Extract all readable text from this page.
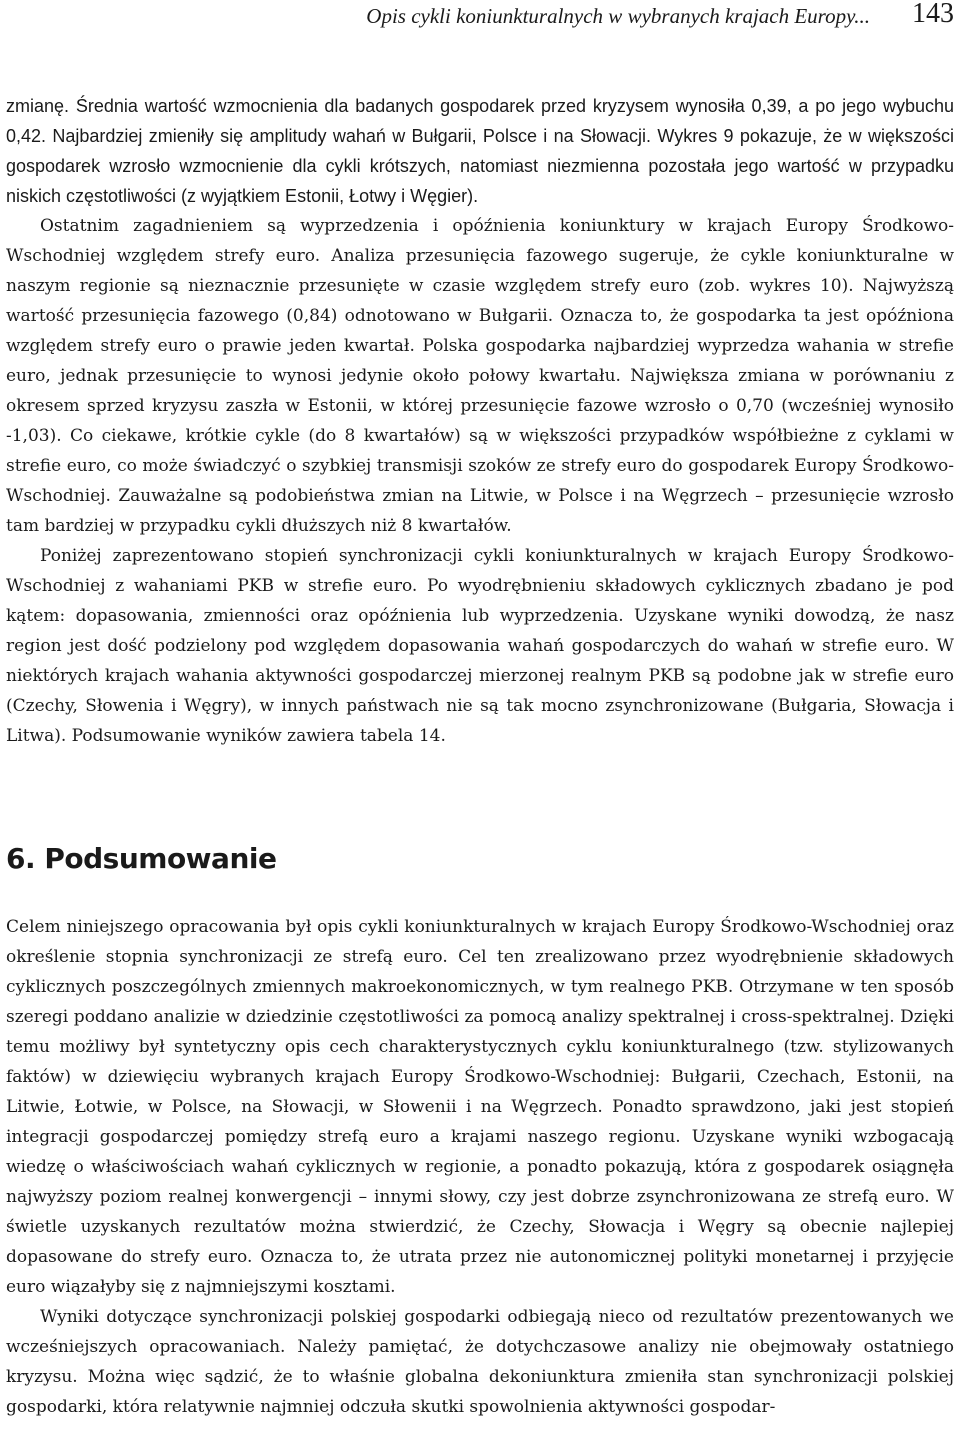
Opis cykli koniunkturalnych w wybranych krajach Europy... 143

zmianę. Średnia wartość wzmocnienia dla badanych gospodarek przed kryzysem wynosiła 0,39, a po jego wybuchu 0,42. Najbardziej zmieniły się amplitudy wahań w Bułgarii, Polsce i na Słowacji. Wykres 9 pokazuje, że w większości gospodarek wzrosło wzmocnienie dla cykli krótszych, natomiast niezmienna pozostała jego wartość w przypadku niskich częstotliwości (z wyjątkiem Estonii, Łotwy i Węgier).

Ostatnim zagadnieniem są wyprzedzenia i opóźnienia koniunktury w krajach Europy Środkowo-Wschodniej względem strefy euro. Analiza przesunięcia fazowego sugeruje, że cykle koniunkturalne w naszym regionie są nieznacznie przesunięte w czasie względem strefy euro (zob. wykres 10). Najwyższą wartość przesunięcia fazowego (0,84) odnotowano w Bułgarii. Oznacza to, że gospodarka ta jest opóźniona względem strefy euro o prawie jeden kwartał. Polska gospodarka najbardziej wyprzedza wahania w strefie euro, jednak przesunięcie to wynosi jedynie około połowy kwartału. Największa zmiana w porównaniu z okresem sprzed kryzysu zaszła w Estonii, w której przesunięcie fazowe wzrosło o 0,70 (wcześniej wynosiło -1,03). Co ciekawe, krótkie cykle (do 8 kwartałów) są w większości przypadków współbieżne z cyklami w strefie euro, co może świadczyć o szybkiej transmisji szoków ze strefy euro do gospodarek Europy Środkowo-Wschodniej. Zauważalne są podobieństwa zmian na Litwie, w Polsce i na Węgrzech – przesunięcie wzrosło tam bardziej w przypadku cykli dłuższych niż 8 kwartałów.

Poniżej zaprezentowano stopień synchronizacji cykli koniunkturalnych w krajach Europy Środkowo-Wschodniej z wahaniami PKB w strefie euro. Po wyodrębnieniu składowych cyklicznych zbadano je pod kątem: dopasowania, zmienności oraz opóźnienia lub wyprzedzenia. Uzyskane wyniki dowodzą, że nasz region jest dość podzielony pod względem dopasowania wahań gospodarczych do wahań w strefie euro. W niektórych krajach wahania aktywności gospodarczej mierzonej realnym PKB są podobne jak w strefie euro (Czechy, Słowenia i Węgry), w innych państwach nie są tak mocno zsynchronizowane (Bułgaria, Słowacja i Litwa). Podsumowanie wyników zawiera tabela 14.

6. Podsumowanie

Celem niniejszego opracowania był opis cykli koniunkturalnych w krajach Europy Środkowo-Wschodniej oraz określenie stopnia synchronizacji ze strefą euro. Cel ten zrealizowano przez wyodrębnienie składowych cyklicznych poszczególnych zmiennych makroekonomicznych, w tym realnego PKB. Otrzymane w ten sposób szeregi poddano analizie w dziedzinie częstotliwości za pomocą analizy spektralnej i cross-spektralnej. Dzięki temu możliwy był syntetyczny opis cech charakterystycznych cyklu koniunkturalnego (tzw. stylizowanych faktów) w dziewięciu wybranych krajach Europy Środkowo-Wschodniej: Bułgarii, Czechach, Estonii, na Litwie, Łotwie, w Polsce, na Słowacji, w Słowenii i na Węgrzech. Ponadto sprawdzono, jaki jest stopień integracji gospodarczej pomiędzy strefą euro a krajami naszego regionu. Uzyskane wyniki wzbogacają wiedzę o właściwościach wahań cyklicznych w regionie, a ponadto pokazują, która z gospodarek osiągnęła najwyższy poziom realnej konwergencji – innymi słowy, czy jest dobrze zsynchronizowana ze strefą euro. W świetle uzyskanych rezultatów można stwierdzić, że Czechy, Słowacja i Węgry są obecnie najlepiej dopasowane do strefy euro. Oznacza to, że utrata przez nie autonomicznej polityki monetarnej i przyjęcie euro wiązałyby się z najmniejszymi kosztami.

Wyniki dotyczące synchronizacji polskiej gospodarki odbiegają nieco od rezultatów prezentowanych we wcześniejszych opracowaniach. Należy pamiętać, że dotychczasowe analizy nie obejmowały ostatniego kryzysu. Można więc sądzić, że to właśnie globalna dekoniunktura zmieniła stan synchronizacji polskiej gospodarki, która relatywnie najmniej odczuła skutki spowolnienia aktywności gospodar-
